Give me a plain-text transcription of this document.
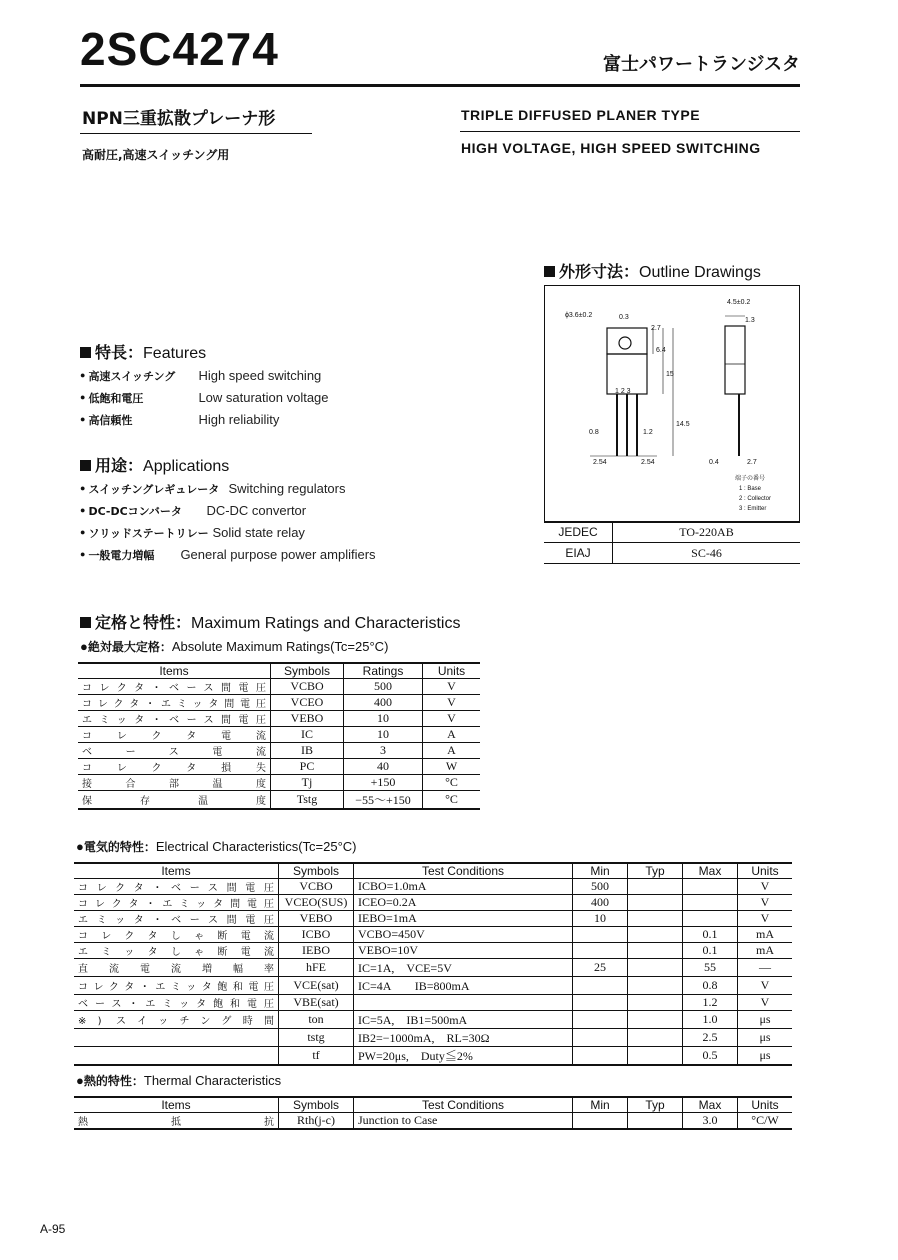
2SC4274	富士パワートランジスタ
NPN三重拡散プレーナ形
高耐圧,高速スイッチング用
TRIPLE DIFFUSED PLANER TYPE
HIGH VOLTAGE, HIGH SPEED SWITCHING
外形寸法：Outline Drawings
ϕ3.6±0.2	0.3
2.7
6.4
15
14.5
1 2 3
0.8	1.2
2.54	2.54
4.5±0.2
1.3
0.4	2.7
端子の番号
1 : Base
2 : Collector
3 : Emitter
JEDEC	TO-220AB
EIAJ	SC-46
特長：Features
● 高速スイッチング High speed switching
● 低飽和電圧	Low saturation voltage
● 高信頼性	High reliability
用途：Applications
● スイッチングレギュレータ Switching regulators
● DC-DCコンバータ DC-DC convertor
● ソリッドステートリレー Solid state relay
● 一般電力増幅 General purpose power amplifiers
定格と特性：Maximum Ratings and Characteristics
●絶対最大定格：Absolute Maximum Ratings(Tc=25°C)
Items	Symbols	Ratings	Units
コレクタ・ベース間電圧	VCBO	500	V
コレクタ・エミッタ間電圧	VCEO	400	V
エミッタ・ベース間電圧	VEBO	10	V
コレクタ電流	IC	10	A
ベース電流	IB	3	A
コレクタ損失	PC	40	W
接合部温度	Tj	+150	°C
保存温度	Tstg	−55～+150	°C
●電気的特性：Electrical Characteristics(Tc=25°C)
Items	Symbols	Test Conditions	Min	Typ	Max	Units
コレクタ・ベース間電圧	VCBO	ICBO=1.0mA	500			V
コレクタ・エミッタ間電圧	VCEO(SUS)	ICEO=0.2A	400			V
エミッタ・ベース間電圧	VEBO	IEBO=1mA	10			V
コレクタしゃ断電流	ICBO	VCBO=450V			0.1	mA
エミッタしゃ断電流	IEBO	VEBO=10V			0.1	mA
直流電流増幅率	hFE	IC=1A,　VCE=5V	25		55	—
コレクタ・エミッタ飽和電圧	VCE(sat)	IC=4A　　IB=800mA			0.8	V
ベース・エミッタ飽和電圧	VBE(sat)				1.2	V
※) スイッチング時間	ton	IC=5A,　IB1=500mA			1.0	μs
	tstg	IB2=−1000mA,　RL=30Ω			2.5	μs
	tf	PW=20μs,　Duty≦2%			0.5	μs
●熱的特性：Thermal Characteristics
Items	Symbols	Test Conditions	Min	Typ	Max	Units
熱抵抗	Rth(j-c)	Junction to Case			3.0	°C/W
A-95
